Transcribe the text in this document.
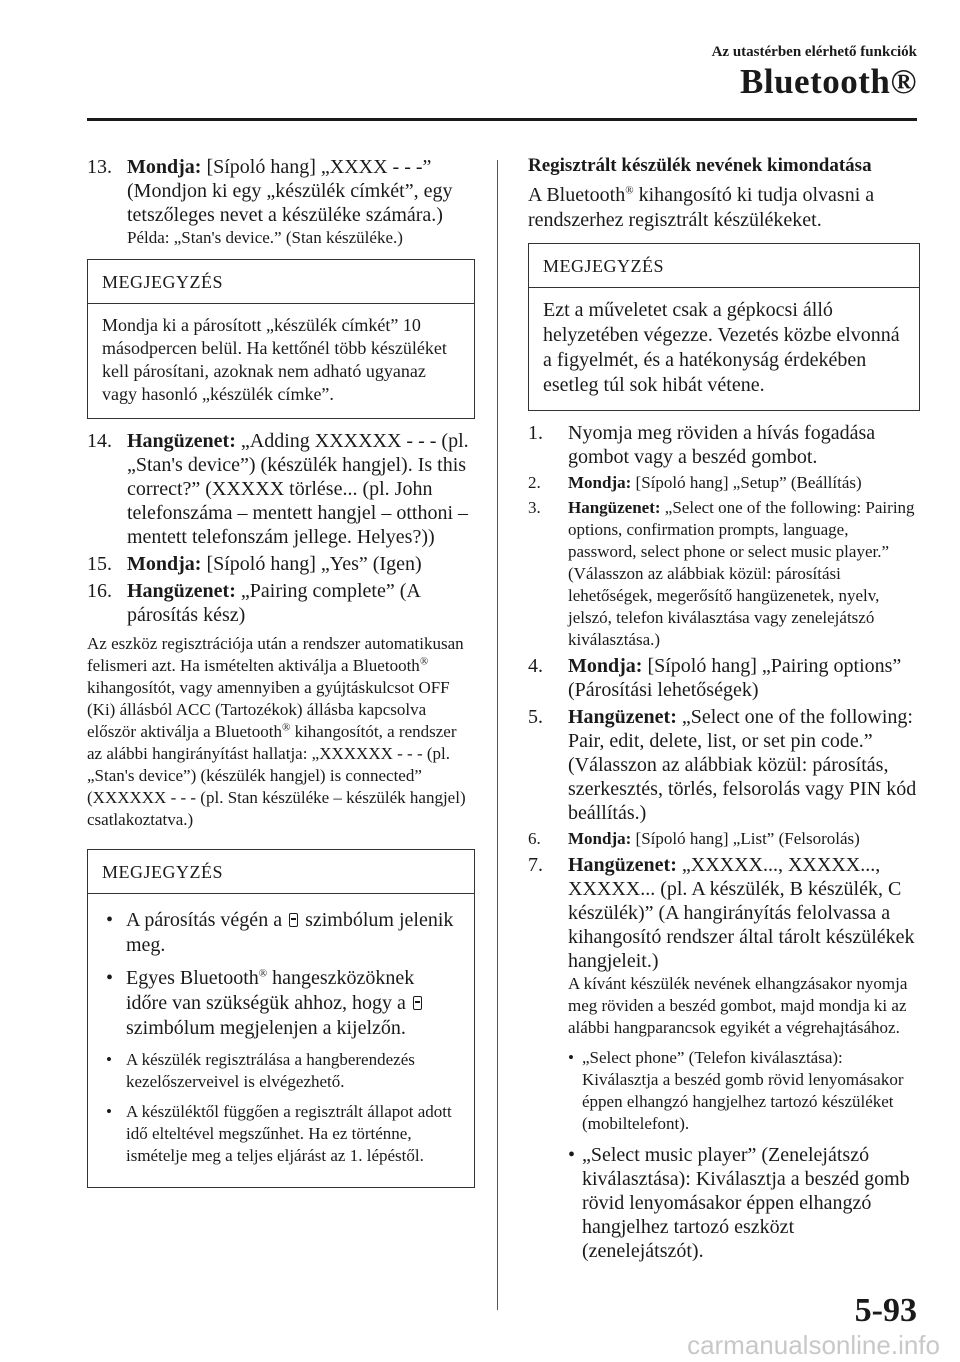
Az utastérben elérhető funkciók
Bluetooth®
13. Mondja: [Sípoló hang] „XXXX - - -” (Mondjon ki egy „készülék címkét”, egy tetszőleges nevet a készüléke számára.)
Példa: „Stan's device.” (Stan készüléke.)
MEGJEGYZÉS
Mondja ki a párosított „készülék címkét” 10 másodpercen belül. Ha kettőnél több készüléket kell párosítani, azoknak nem adható ugyanaz vagy hasonló „készülék címke”.
14. Hangüzenet: „Adding XXXXXX - - - (pl. „Stan's device”) (készülék hangjel). Is this correct?” (XXXXX törlése... (pl. John telefonszáma – mentett hangjel – otthoni – mentett telefonszám jellege. Helyes?))
15. Mondja: [Sípoló hang] „Yes” (Igen)
16. Hangüzenet: „Pairing complete” (A párosítás kész)

Az eszköz regisztrációja után a rendszer automatikusan felismeri azt. Ha ismételten aktiválja a Bluetooth® kihangosítót, vagy amennyiben a gyújtáskulcsot OFF (Ki) állásból ACC (Tartozékok) állásba kapcsolva először aktiválja a Bluetooth® kihangosítót, a rendszer az alábbi hangirányítást hallatja: „XXXXXX - - - (pl. „Stan's device”) (készülék hangjel) is connected” (XXXXXX - - - (pl. Stan készüléke – készülék hangjel) csatlakoztatva.)

MEGJEGYZÉS
• A párosítás végén a  szimbólum jelenik meg.
• Egyes Bluetooth® hangeszközöknek időre van szükségük ahhoz, hogy a  szimbólum megjelenjen a kijelzőn.
• A készülék regisztrálása a hangberendezés kezelőszerveivel is elvégezhető.
• A készüléktől függően a regisztrált állapot adott idő elteltével megszűnhet. Ha ez történne, ismételje meg a teljes eljárást az 1. lépéstől.
Regisztrált készülék nevének kimondatása

A Bluetooth® kihangosító ki tudja olvasni a rendszerhez regisztrált készülékeket.

MEGJEGYZÉS
Ezt a műveletet csak a gépkocsi álló helyzetében végezze. Vezetés közbe elvonná a figyelmét, és a hatékonyság érdekében esetleg túl sok hibát vétene.
1. Nyomja meg röviden a hívás fogadása gombot vagy a beszéd gombot.
2. Mondja: [Sípoló hang] „Setup” (Beállítás)
3. Hangüzenet: „Select one of the following: Pairing options, confirmation prompts, language, password, select phone or select music player.” (Válasszon az alábbiak közül: párosítási lehetőségek, megerősítő hangüzenetek, nyelv, jelszó, telefon kiválasztása vagy zenelejátszó kiválasztása.)
4. Mondja: [Sípoló hang] „Pairing options” (Párosítási lehetőségek)
5. Hangüzenet: „Select one of the following: Pair, edit, delete, list, or set pin code.” (Válasszon az alábbiak közül: párosítás, szerkesztés, törlés, felsorolás vagy PIN kód beállítás.)
6. Mondja: [Sípoló hang] „List” (Felsorolás)
7. Hangüzenet: „XXXXX..., XXXXX..., XXXXX... (pl. A készülék, B készülék, C készülék)” (A hangirányítás felolvassa a kihangosító rendszer által tárolt készülékek hangjeleit.)
A kívánt készülék nevének elhangzásakor nyomja meg röviden a beszéd gombot, majd mondja ki az alábbi hangparancsok egyikét a végrehajtásához.
• „Select phone” (Telefon kiválasztása): Kiválasztja a beszéd gomb rövid lenyomásakor éppen elhangzó hangjelhez tartozó készüléket (mobiltelefont).
• „Select music player” (Zenelejátszó kiválasztása): Kiválasztja a beszéd gomb rövid lenyomásakor éppen elhangzó hangjelhez tartozó eszközt (zenelejátszót).
5-93
carmanualsonline.info
